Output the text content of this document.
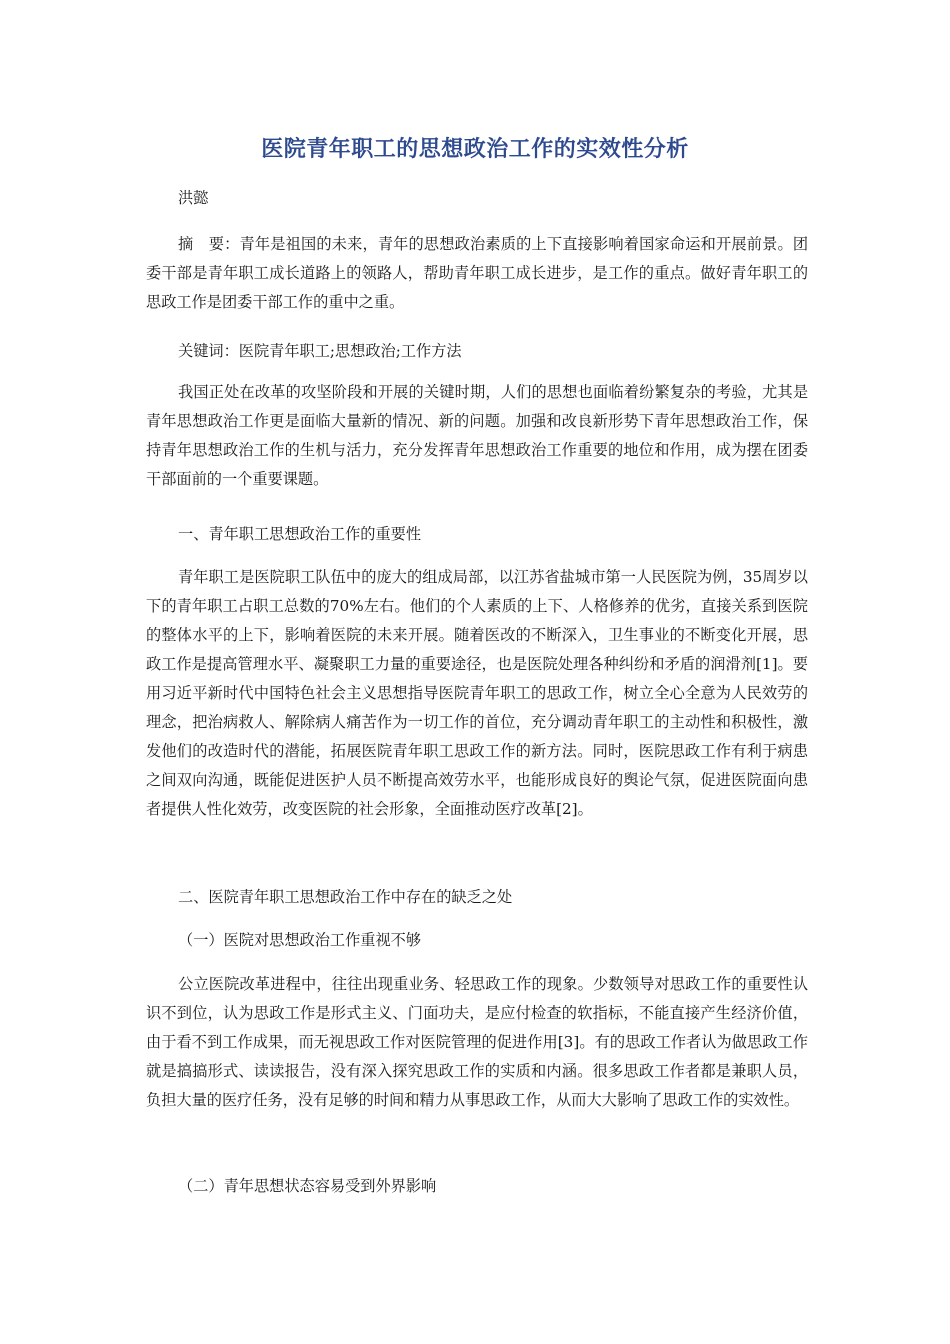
医院青年职工的思想政治工作的实效性分析

洪懿

摘　要：青年是祖国的未来，青年的思想政治素质的上下直接影响着国家命运和开展前景。团委干部是青年职工成长道路上的领路人，帮助青年职工成长进步，是工作的重点。做好青年职工的思政工作是团委干部工作的重中之重。

关键词：医院青年职工;思想政治;工作方法

我国正处在改革的攻坚阶段和开展的关键时期，人们的思想也面临着纷繁复杂的考验，尤其是青年思想政治工作更是面临大量新的情况、新的问题。加强和改良新形势下青年思想政治工作，保持青年思想政治工作的生机与活力，充分发挥青年思想政治工作重要的地位和作用，成为摆在团委干部面前的一个重要课题。

一、青年职工思想政治工作的重要性

青年职工是医院职工队伍中的庞大的组成局部，以江苏省盐城市第一人民医院为例，35周岁以下的青年职工占职工总数的70%左右。他们的个人素质的上下、人格修养的优劣，直接关系到医院的整体水平的上下，影响着医院的未来开展。随着医改的不断深入，卫生事业的不断变化开展，思政工作是提高管理水平、凝聚职工力量的重要途径，也是医院处理各种纠纷和矛盾的润滑剂[1]。要用习近平新时代中国特色社会主义思想指导医院青年职工的思政工作，树立全心全意为人民效劳的理念，把治病救人、解除病人痛苦作为一切工作的首位，充分调动青年职工的主动性和积极性，激发他们的改造时代的潜能，拓展医院青年职工思政工作的新方法。同时，医院思政工作有利于病患之间双向沟通，既能促进医护人员不断提高效劳水平，也能形成良好的舆论气氛，促进医院面向患者提供人性化效劳，改变医院的社会形象，全面推动医疗改革[2]。

二、医院青年职工思想政治工作中存在的缺乏之处

（一）医院对思想政治工作重视不够

公立医院改革进程中，往往出现重业务、轻思政工作的现象。少数领导对思政工作的重要性认识不到位，认为思政工作是形式主义、门面功夫，是应付检查的软指标，不能直接产生经济价值，由于看不到工作成果，而无视思政工作对医院管理的促进作用[3]。有的思政工作者认为做思政工作就是搞搞形式、读读报告，没有深入探究思政工作的实质和内涵。很多思政工作者都是兼职人员，负担大量的医疗任务，没有足够的时间和精力从事思政工作，从而大大影响了思政工作的实效性。

（二）青年思想状态容易受到外界影响
